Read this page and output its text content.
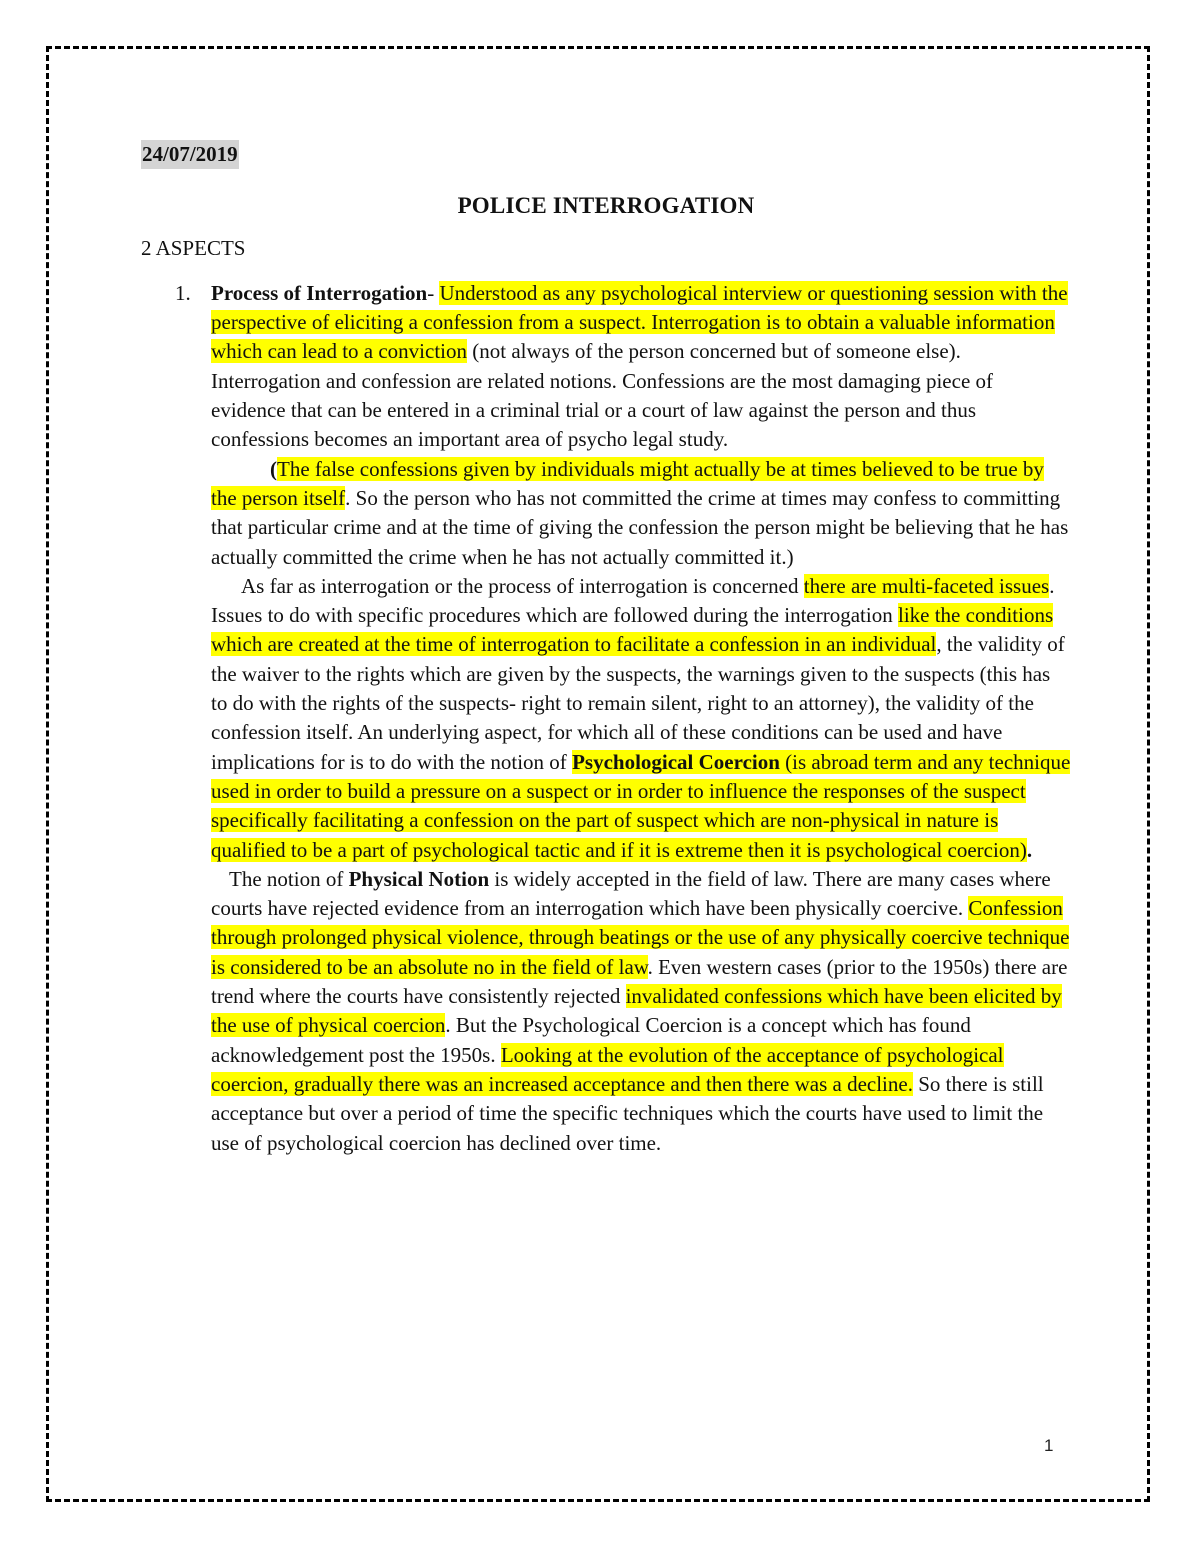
24/07/2019
POLICE INTERROGATION
2 ASPECTS
1. Process of Interrogation- Understood as any psychological interview or questioning session with the perspective of eliciting a confession from a suspect. Interrogation is to obtain a valuable information which can lead to a conviction (not always of the person concerned but of someone else). Interrogation and confession are related notions. Confessions are the most damaging piece of evidence that can be entered in a criminal trial or a court of law against the person and thus confessions becomes an important area of psycho legal study.

(The false confessions given by individuals might actually be at times believed to be true by the person itself. So the person who has not committed the crime at times may confess to committing that particular crime and at the time of giving the confession the person might be believing that he has actually committed the crime when he has not actually committed it.)

As far as interrogation or the process of interrogation is concerned there are multi-faceted issues. Issues to do with specific procedures which are followed during the interrogation like the conditions which are created at the time of interrogation to facilitate a confession in an individual, the validity of the waiver to the rights which are given by the suspects, the warnings given to the suspects (this has to do with the rights of the suspects- right to remain silent, right to an attorney), the validity of the confession itself. An underlying aspect, for which all of these conditions can be used and have implications for is to do with the notion of Psychological Coercion (is abroad term and any technique used in order to build a pressure on a suspect or in order to influence the responses of the suspect specifically facilitating a confession on the part of suspect which are non-physical in nature is qualified to be a part of psychological tactic and if it is extreme then it is psychological coercion).

The notion of Physical Notion is widely accepted in the field of law. There are many cases where courts have rejected evidence from an interrogation which have been physically coercive. Confession through prolonged physical violence, through beatings or the use of any physically coercive technique is considered to be an absolute no in the field of law. Even western cases (prior to the 1950s) there are trend where the courts have consistently rejected invalidated confessions which have been elicited by the use of physical coercion. But the Psychological Coercion is a concept which has found acknowledgement post the 1950s. Looking at the evolution of the acceptance of psychological coercion, gradually there was an increased acceptance and then there was a decline. So there is still acceptance but over a period of time the specific techniques which the courts have used to limit the use of psychological coercion has declined over time.

1
